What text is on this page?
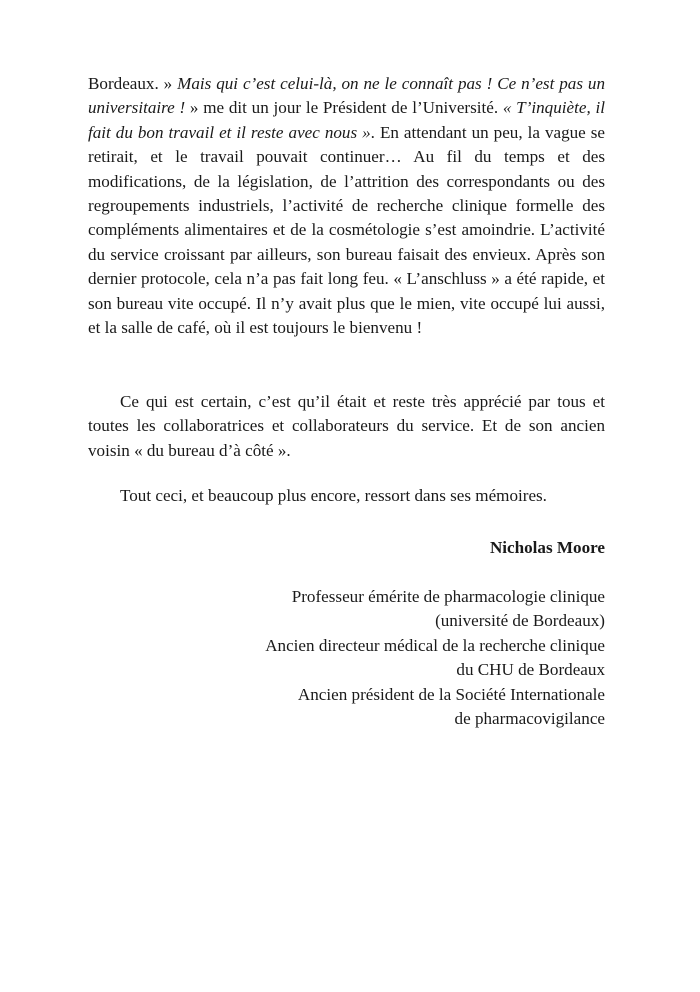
Bordeaux. » Mais qui c’est celui-là, on ne le connaît pas ! Ce n’est pas un universitaire ! » me dit un jour le Président de l’Université. « T’inquiète, il fait du bon travail et il reste avec nous ». En attendant un peu, la vague se retirait, et le travail pouvait continuer… Au fil du temps et des modifications, de la législation, de l’attrition des correspondants ou des regroupements industriels, l’activité de recherche clinique formelle des compléments alimentaires et de la cosmétologie s’est amoindrie. L’activité du service croissant par ailleurs, son bureau faisait des envieux. Après son dernier protocole, cela n’a pas fait long feu. « L’anschluss » a été rapide, et son bureau vite occupé. Il n’y avait plus que le mien, vite occupé lui aussi, et la salle de café, où il est toujours le bienvenu !

Ce qui est certain, c’est qu’il était et reste très apprécié par tous et toutes les collaboratrices et collaborateurs du service. Et de son ancien voisin « du bureau d’à côté ».

Tout ceci, et beaucoup plus encore, ressort dans ses mémoires.

Nicholas Moore
Professeur émérite de pharmacologie clinique
(université de Bordeaux)
Ancien directeur médical de la recherche clinique
du CHU de Bordeaux
Ancien président de la Société Internationale
de pharmacovigilance
